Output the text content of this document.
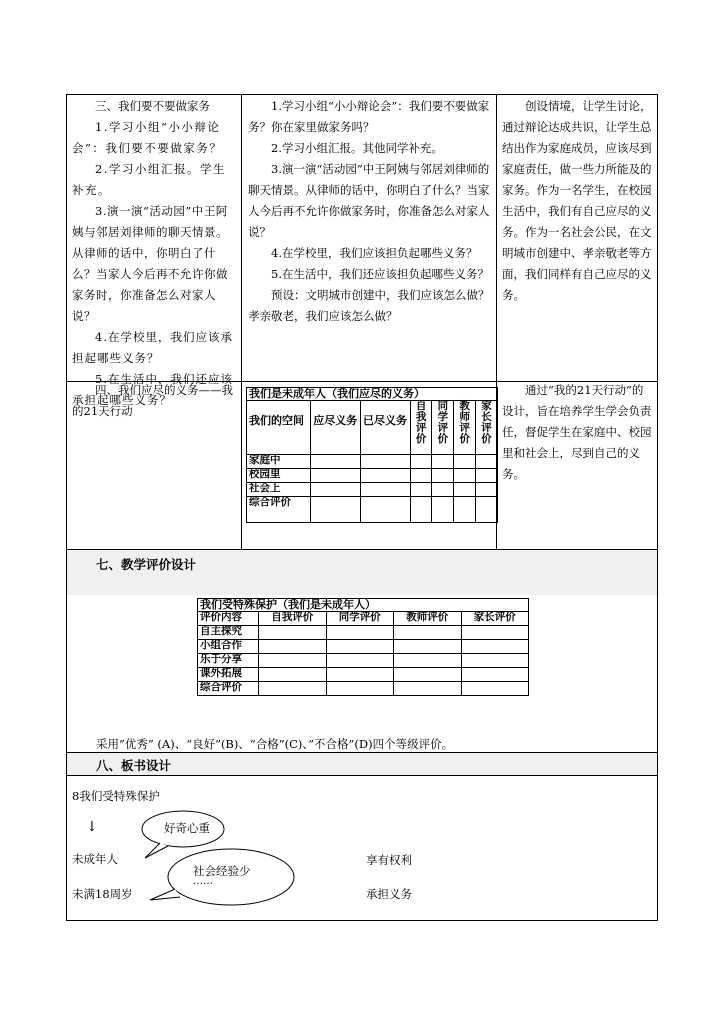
三、我们要不要做家务

1.学习小组“小小辩论会”：我们要不要做家务？

2.学习小组汇报。学生补充。

3.演一演“活动园”中王阿姨与邻居刘律师的聊天情景。从律师的话中，你明白了什么？当家人今后再不允许你做家务时，你准备怎么对家人说？

4.在学校里，我们应该承担起哪些义务？

5.在生活中，我们还应该承担起哪些义务？

1.学习小组“小小辩论会”：我们要不要做家务？你在家里做家务吗？

2.学习小组汇报。其他同学补充。

3.演一演“活动园”中王阿姨与邻居刘律师的聊天情景。从律师的话中，你明白了什么？当家人今后再不允许你做家务时，你准备怎么对家人说？

4.在学校里，我们应该担负起哪些义务？

5.在生活中，我们还应该担负起哪些义务？

预设：文明城市创建中，我们应该怎么做？孝亲敬老，我们应该怎么做？

创设情境，让学生讨论，通过辩论达成共识，让学生总结出作为家庭成员，应该尽到家庭责任，做一些力所能及的家务。作为一名学生，在校园生活中，我们有自己应尽的义务。作为一名社会公民，在文明城市创建中、孝亲敬老等方面，我们同样有自己应尽的义务。

四、我们应尽的义务——我的21天行动

我们是未成年人（我们应尽的义务）						
我们的空间	应尽义务	已尽义务	自我评价	同学评价	教师评价	家长评价
家庭中						
校园里						
社会上						
综合评价						

通过“我的21天行动”的设计，旨在培养学生学会负责任，督促学生在家庭中、校园里和社会上，尽到自己的义务。

七、教学评价设计
我们受特殊保护（我们是未成年人）				
评价内容	自我评价	同学评价	教师评价	家长评价
自主探究				
小组合作				
乐于分享				
课外拓展				
综合评价				
采用”优秀” (A)、“良好”(B)、“合格”(C)、”不合格”(D)四个等级评价。
八、板书设计
8我们受特殊保护
↓
未成年人
未满18周岁
享有权利
承担义务
好奇心重
社会经验少
……
